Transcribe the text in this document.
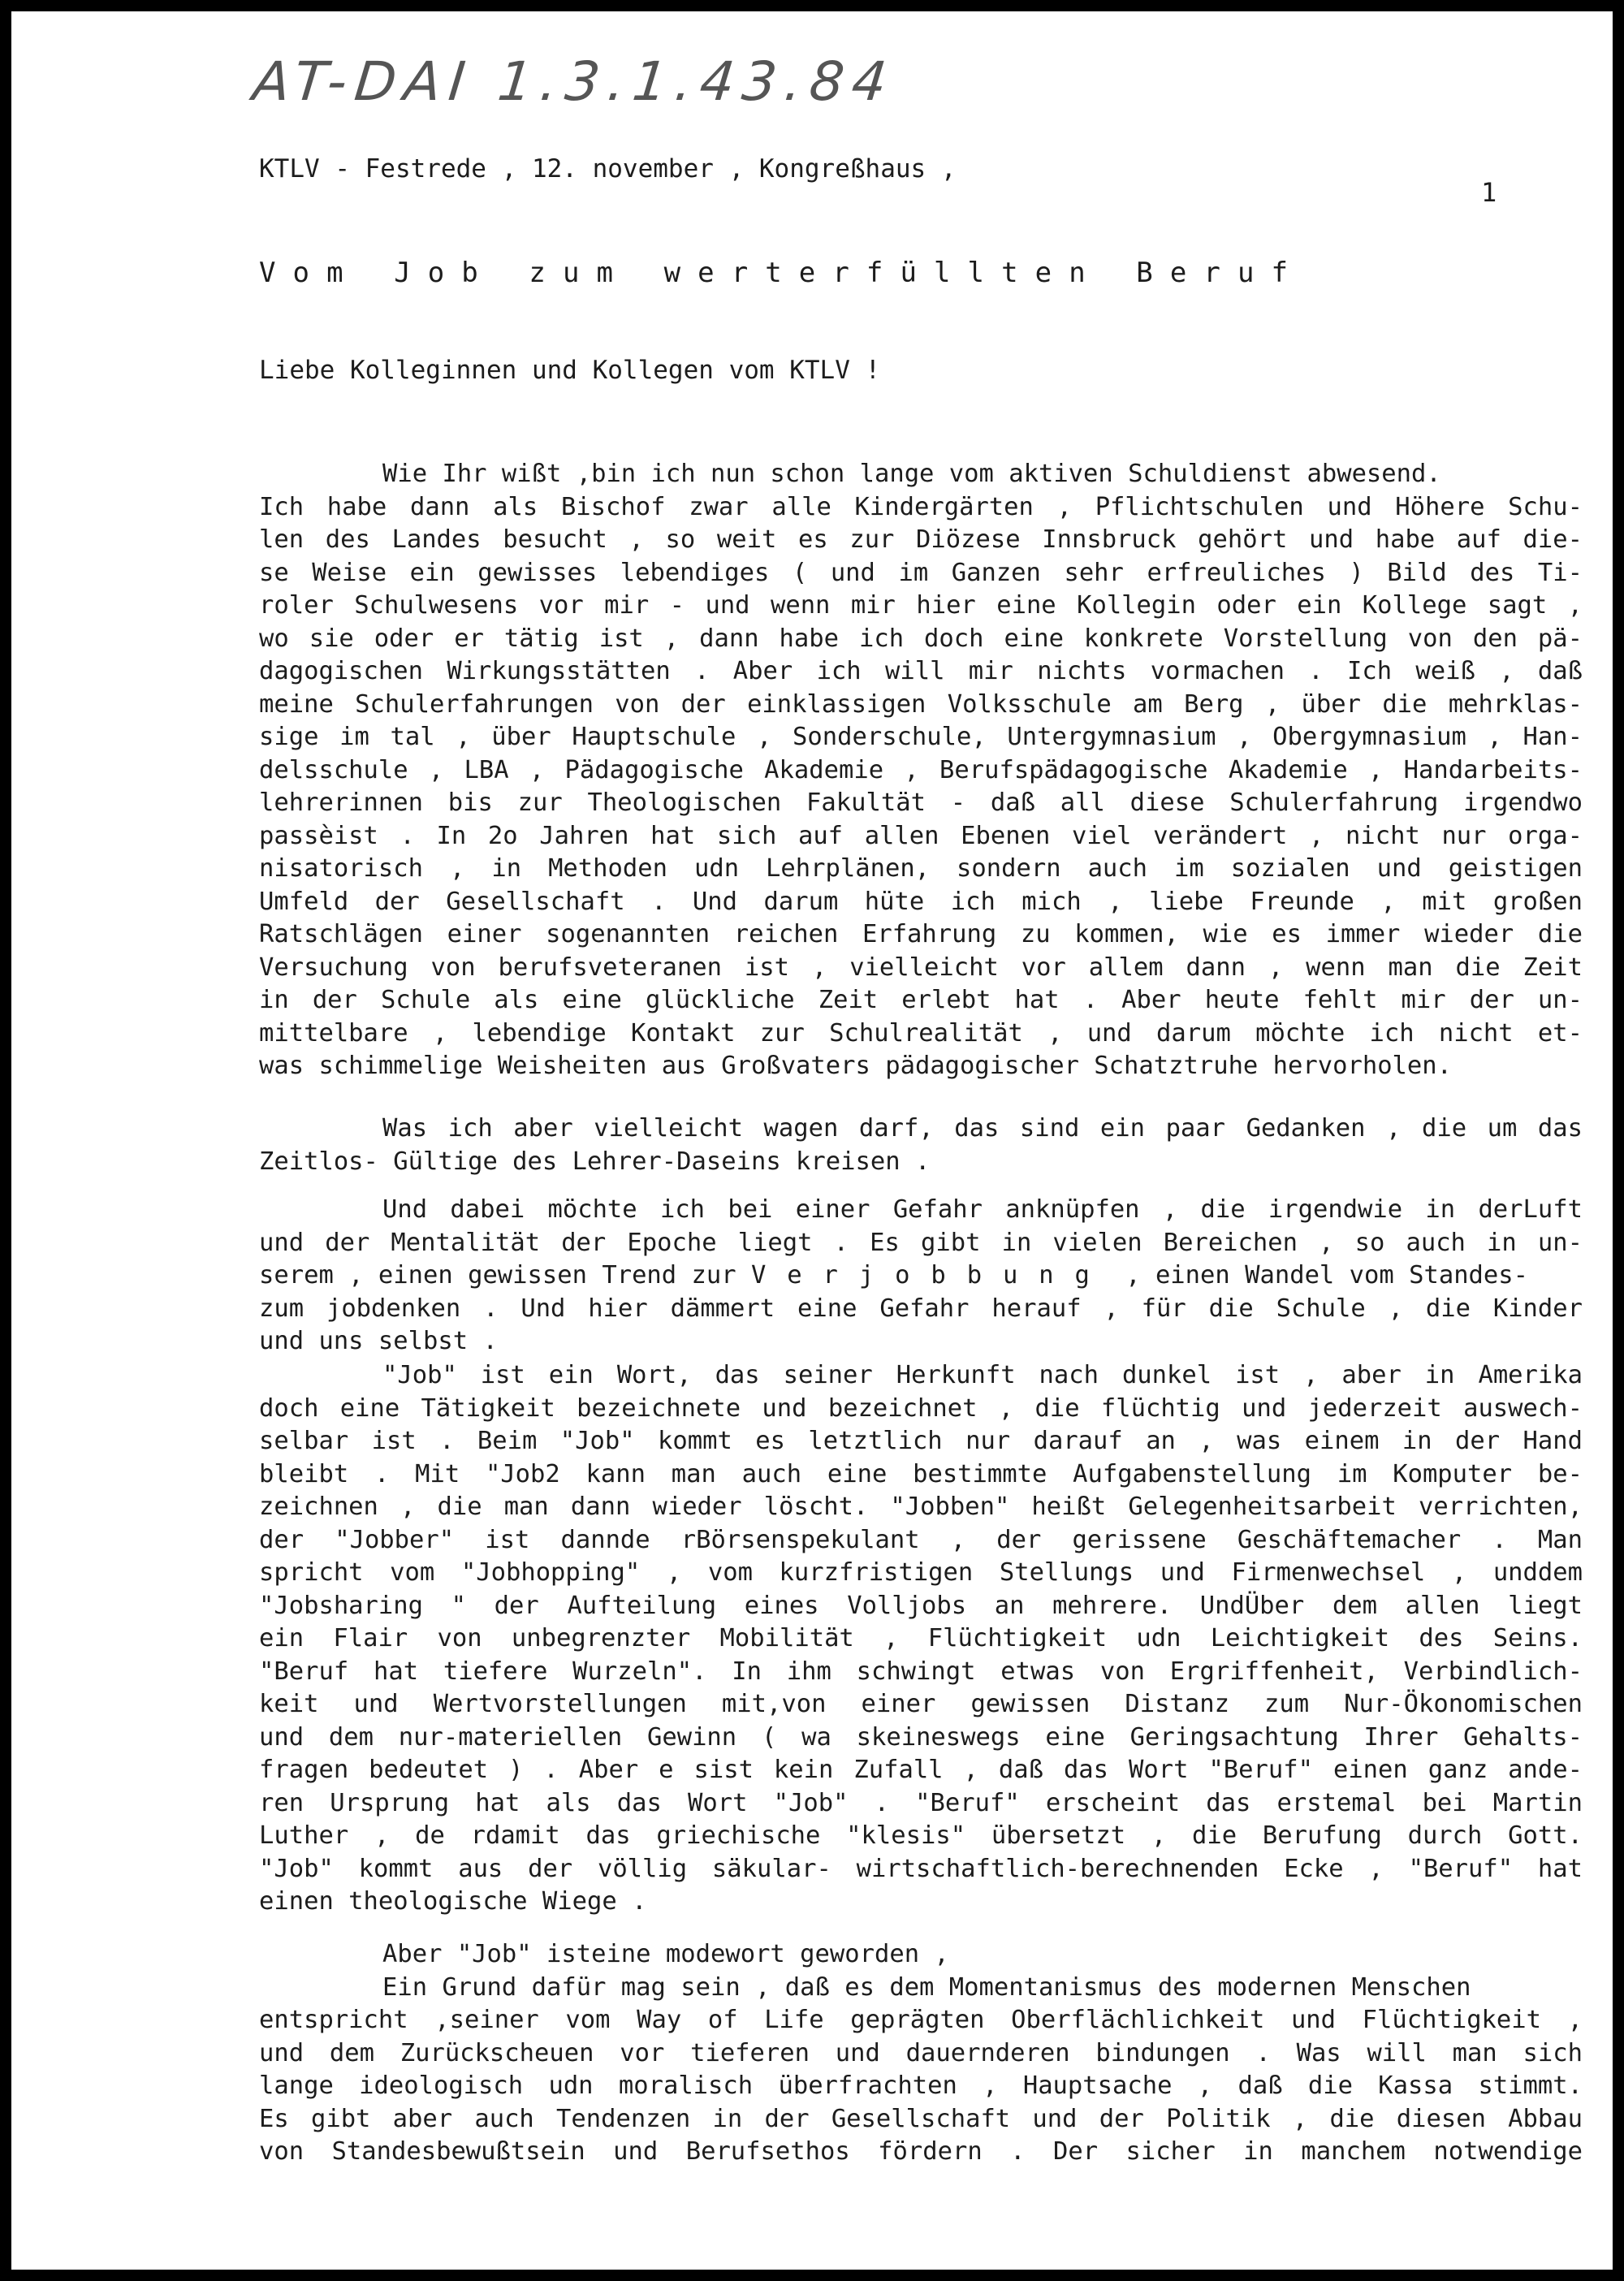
AT-DAI 1.3.1.43.84
KTLV - Festrede , 12. november , Kongreßhaus ,
1
Vom Job zum werterfüllten Beruf
Liebe Kolleginnen und Kollegen vom KTLV !
Wie Ihr wißt ,bin ich nun schon lange vom aktiven Schuldienst abwesend.
Ich habe dann als Bischof zwar alle Kindergärten , Pflichtschulen und Höhere Schu-
len des Landes besucht , so weit es zur Diözese Innsbruck gehört und habe auf die-
se Weise ein gewisses lebendiges ( und im Ganzen sehr erfreuliches ) Bild des Ti-
roler Schulwesens vor mir - und wenn mir hier eine Kollegin oder ein Kollege sagt ,
wo sie oder er tätig ist , dann habe ich doch eine konkrete Vorstellung von den pä-
dagogischen Wirkungsstätten . Aber ich will mir nichts vormachen . Ich weiß , daß
meine Schulerfahrungen von der einklassigen Volksschule am Berg , über die mehrklas-
sige im tal , über Hauptschule , Sonderschule, Untergymnasium , Obergymnasium , Han-
delsschule , LBA , Pädagogische Akademie , Berufspädagogische Akademie , Handarbeits-
lehrerinnen bis zur Theologischen Fakultät - daß all diese Schulerfahrung irgendwo
passèist . In 2o Jahren hat sich auf allen Ebenen viel verändert , nicht nur orga-
nisatorisch , in Methoden udn Lehrplänen, sondern auch im sozialen und geistigen
Umfeld der Gesellschaft . Und darum hüte ich mich , liebe Freunde , mit großen
Ratschlägen einer sogenannten reichen Erfahrung zu kommen, wie es immer wieder die
Versuchung von berufsveteranen ist , vielleicht vor allem dann , wenn man die Zeit
in der Schule als eine glückliche Zeit erlebt hat . Aber heute fehlt mir der un-
mittelbare , lebendige Kontakt zur Schulrealität , und darum möchte ich nicht et-
was schimmelige Weisheiten aus Großvaters pädagogischer Schatztruhe hervorholen.
Was ich aber vielleicht wagen darf, das sind ein paar Gedanken , die um das
Zeitlos- Gültige des Lehrer-Daseins kreisen .
Und dabei möchte ich bei einer Gefahr anknüpfen , die irgendwie in derLuft
und der Mentalität der Epoche liegt . Es gibt in vielen Bereichen , so auch in un-
serem , einen gewissen Trend zur Verjobbung , einen Wandel vom Standes-
zum jobdenken . Und hier dämmert eine Gefahr herauf , für die Schule , die Kinder
und uns selbst .
"Job" ist ein Wort, das seiner Herkunft nach dunkel ist , aber in Amerika
doch eine Tätigkeit bezeichnete und bezeichnet , die flüchtig und jederzeit auswech-
selbar ist . Beim "Job" kommt es letztlich nur darauf an , was einem in der Hand
bleibt . Mit "Job2 kann man auch eine bestimmte Aufgabenstellung im Komputer be-
zeichnen , die man dann wieder löscht. "Jobben" heißt Gelegenheitsarbeit verrichten,
der "Jobber" ist dannde rBörsenspekulant , der gerissene Geschäftemacher . Man
spricht vom "Jobhopping" , vom kurzfristigen Stellungs und Firmenwechsel , unddem
"Jobsharing " der Aufteilung eines Volljobs an mehrere. UndÜber dem allen liegt
ein Flair von unbegrenzter Mobilität , Flüchtigkeit udn Leichtigkeit des Seins.
"Beruf hat tiefere Wurzeln". In ihm schwingt etwas von Ergriffenheit, Verbindlich-
keit und Wertvorstellungen mit,von einer gewissen Distanz zum Nur-Ökonomischen
und dem nur-materiellen Gewinn ( wa skeineswegs eine Geringsachtung Ihrer Gehalts-
fragen bedeutet ) . Aber e sist kein Zufall , daß das Wort "Beruf" einen ganz ande-
ren Ursprung hat als das Wort "Job" . "Beruf" erscheint das erstemal bei Martin
Luther , de rdamit das griechische "klesis" übersetzt , die Berufung durch Gott.
"Job" kommt aus der völlig säkular- wirtschaftlich-berechnenden Ecke , "Beruf" hat
einen theologische Wiege .
Aber "Job" isteine modewort geworden ,
Ein Grund dafür mag sein , daß es dem Momentanismus des modernen Menschen
entspricht ,seiner vom Way of Life geprägten Oberflächlichkeit und Flüchtigkeit ,
und dem Zurückscheuen vor tieferen und dauernderen bindungen . Was will man sich
lange ideologisch udn moralisch überfrachten , Hauptsache , daß die Kassa stimmt.
Es gibt aber auch Tendenzen in der Gesellschaft und der Politik , die diesen Abbau
von Standesbewußtsein und Berufsethos fördern . Der sicher in manchem notwendige
